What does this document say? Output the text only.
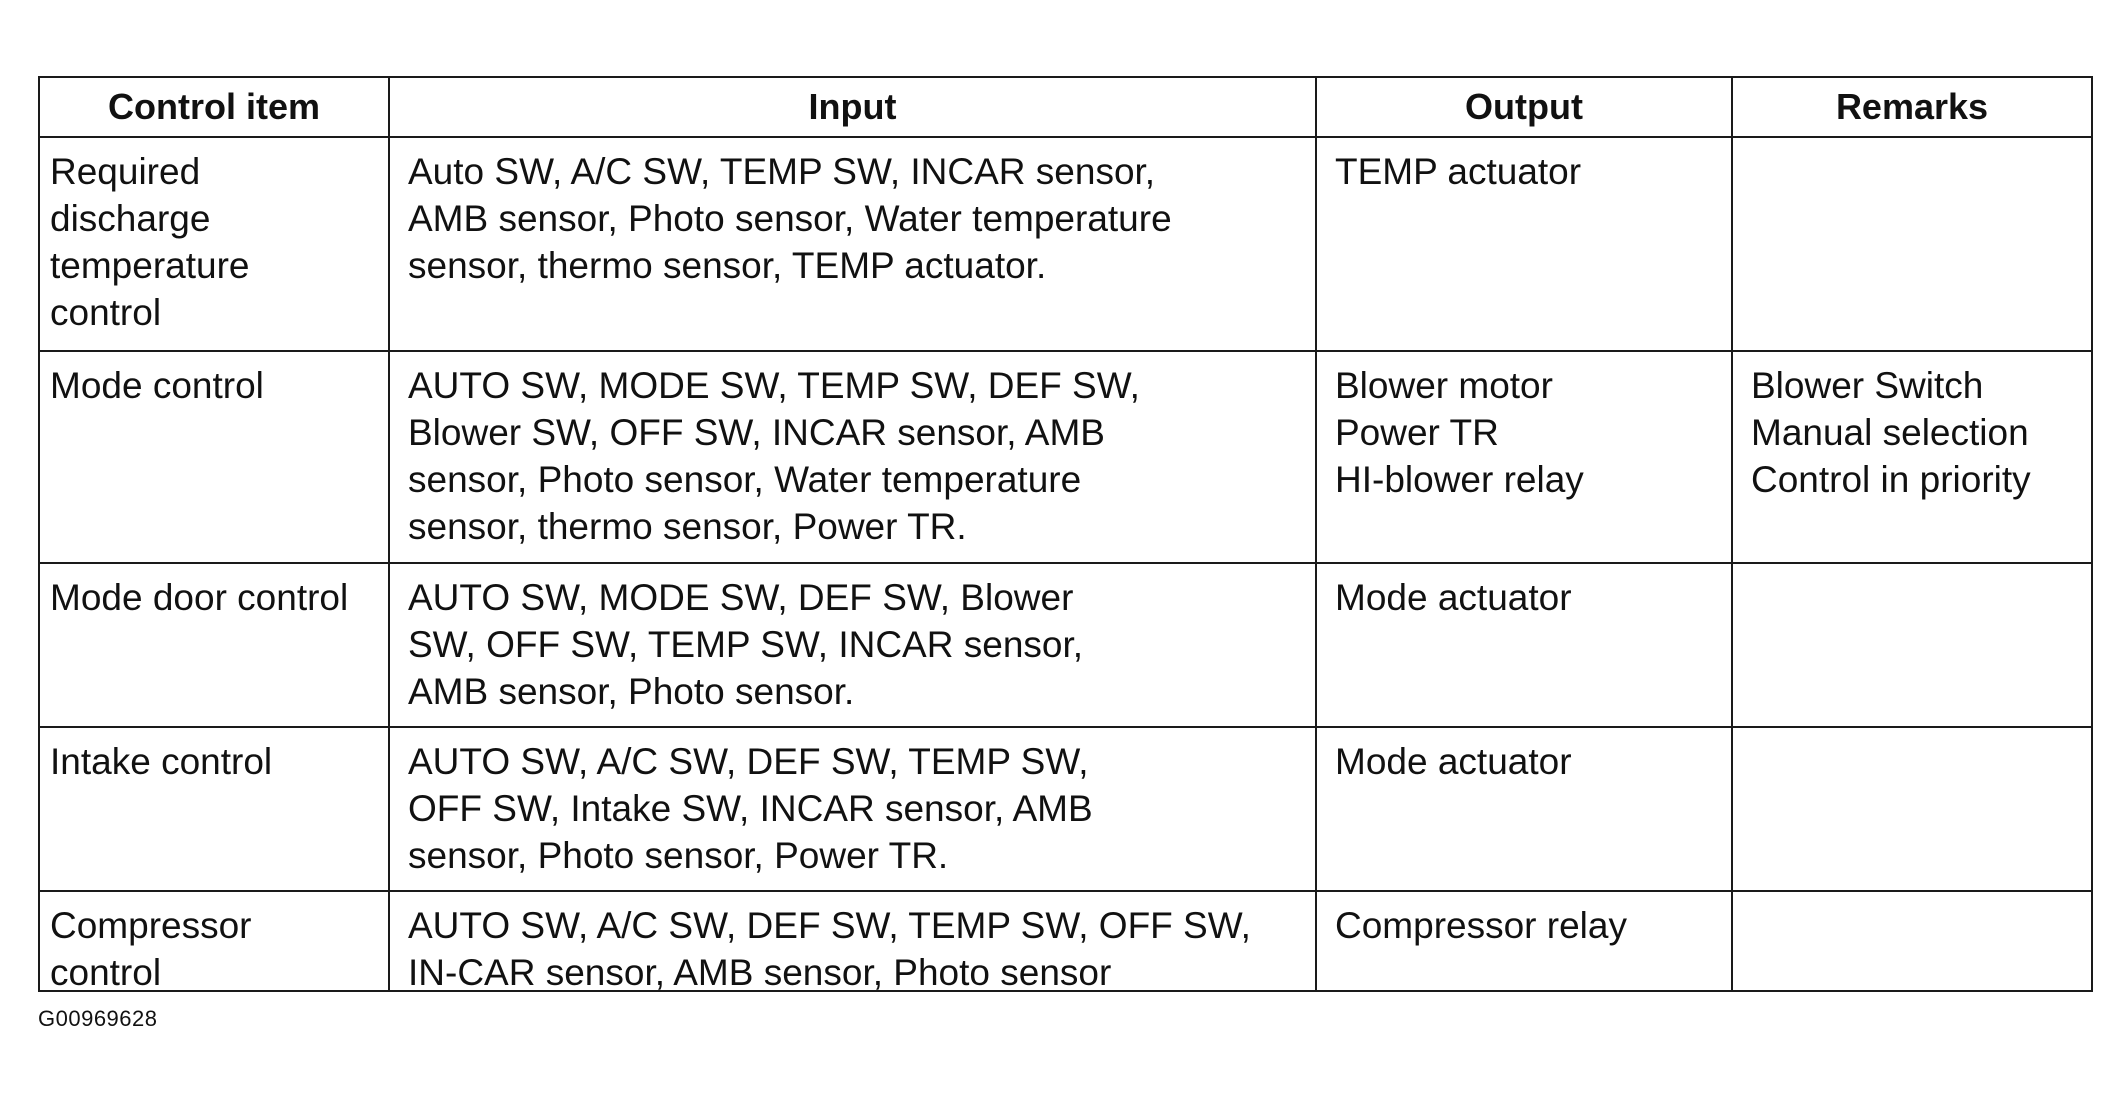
Control item	Input	Output	Remarks

Required
discharge
temperature
control	Auto SW, A/C SW, TEMP SW, INCAR sensor,
AMB sensor, Photo sensor, Water temperature
sensor, thermo sensor, TEMP actuator.	TEMP actuator	

Mode control	AUTO SW, MODE SW, TEMP SW, DEF SW,
Blower SW, OFF SW, INCAR sensor, AMB
sensor, Photo sensor, Water temperature
sensor, thermo sensor, Power TR.	Blower motor
Power TR
HI-blower relay	Blower Switch
Manual selection
Control in priority

Mode door control	AUTO SW, MODE SW, DEF SW, Blower
SW, OFF SW, TEMP SW, INCAR sensor,
AMB sensor, Photo sensor.	Mode actuator	

Intake control	AUTO SW, A/C SW, DEF SW, TEMP SW,
OFF SW, Intake SW, INCAR sensor, AMB
sensor, Photo sensor, Power TR.	Mode actuator	

Compressor
control	AUTO SW, A/C SW, DEF SW, TEMP SW, OFF SW,
IN-CAR sensor, AMB sensor, Photo sensor	Compressor relay	

G00969628
